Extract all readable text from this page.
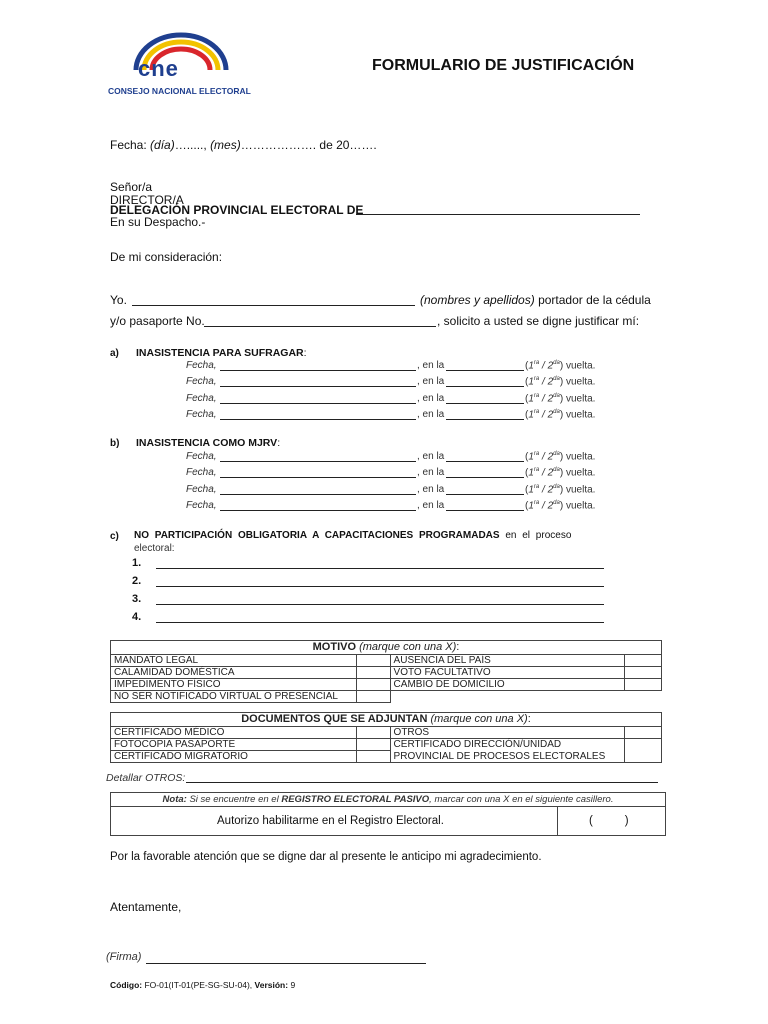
cne
CONSEJO NACIONAL ELECTORAL
FORMULARIO DE JUSTIFICACIÓN
Fecha: (día)…....., (mes)………………. de 20…….
Señor/a
DIRECTOR/A
DELEGACIÓN PROVINCIAL ELECTORAL DE
En su Despacho.-
De mi consideración:
Yo.	(nombres y apellidos) portador de la cédula
y/o pasaporte No.	, solicito a usted se digne justificar mí:
a) INASISTENCIA PARA SUFRAGAR:
Fecha,	, en la	$(1^{ra} / 2^{da})$ vuelta.
Fecha,	, en la	$(1^{ra} / 2^{da})$ vuelta.
Fecha,	, en la	$(1^{ra} / 2^{da})$ vuelta.
Fecha,	, en la	$(1^{ra} / 2^{da})$ vuelta.
b) INASISTENCIA COMO MJRV:
Fecha,	, en la	$(1^{ra} / 2^{da})$ vuelta.
Fecha,	, en la	$(1^{ra} / 2^{da})$ vuelta.
Fecha,	, en la	$(1^{ra} / 2^{da})$ vuelta.
Fecha,	, en la	$(1^{ra} / 2^{da})$ vuelta.
c) NO PARTICIPACIÓN OBLIGATORIA A CAPACITACIONES PROGRAMADAS en el proceso
electoral:
1.
2.
3.
4.
MOTIVO (marque con una X):			
MANDATO LEGAL		AUSENCIA DEL PAÍS	
CALAMIDAD DOMÉSTICA		VOTO FACULTATIVO	
IMPEDIMENTO FÍSICO		CAMBIO DE DOMICILIO	
NO SER NOTIFICADO VIRTUAL O PRESENCIAL			
DOCUMENTOS QUE SE ADJUNTAN (marque con una X):			
CERTIFICADO MÉDICO		OTROS	
FOTOCOPIA PASAPORTE		CERTIFICADO DIRECCIÓN/UNIDAD	
CERTIFICADO MIGRATORIO		PROVINCIAL DE PROCESOS ELECTORALES	
Detallar OTROS:
Nota: Si se encuentre en el REGISTRO ELECTORAL PASIVO, marcar con una X en el siguiente casillero.
Autorizo habilitarme en el Registro Electoral.	(          )
Por la favorable atención que se digne dar al presente le anticipo mi agradecimiento.
Atentamente,
(Firma)
Código: FO-01(IT-01(PE-SG-SU-04), Versión: 9
